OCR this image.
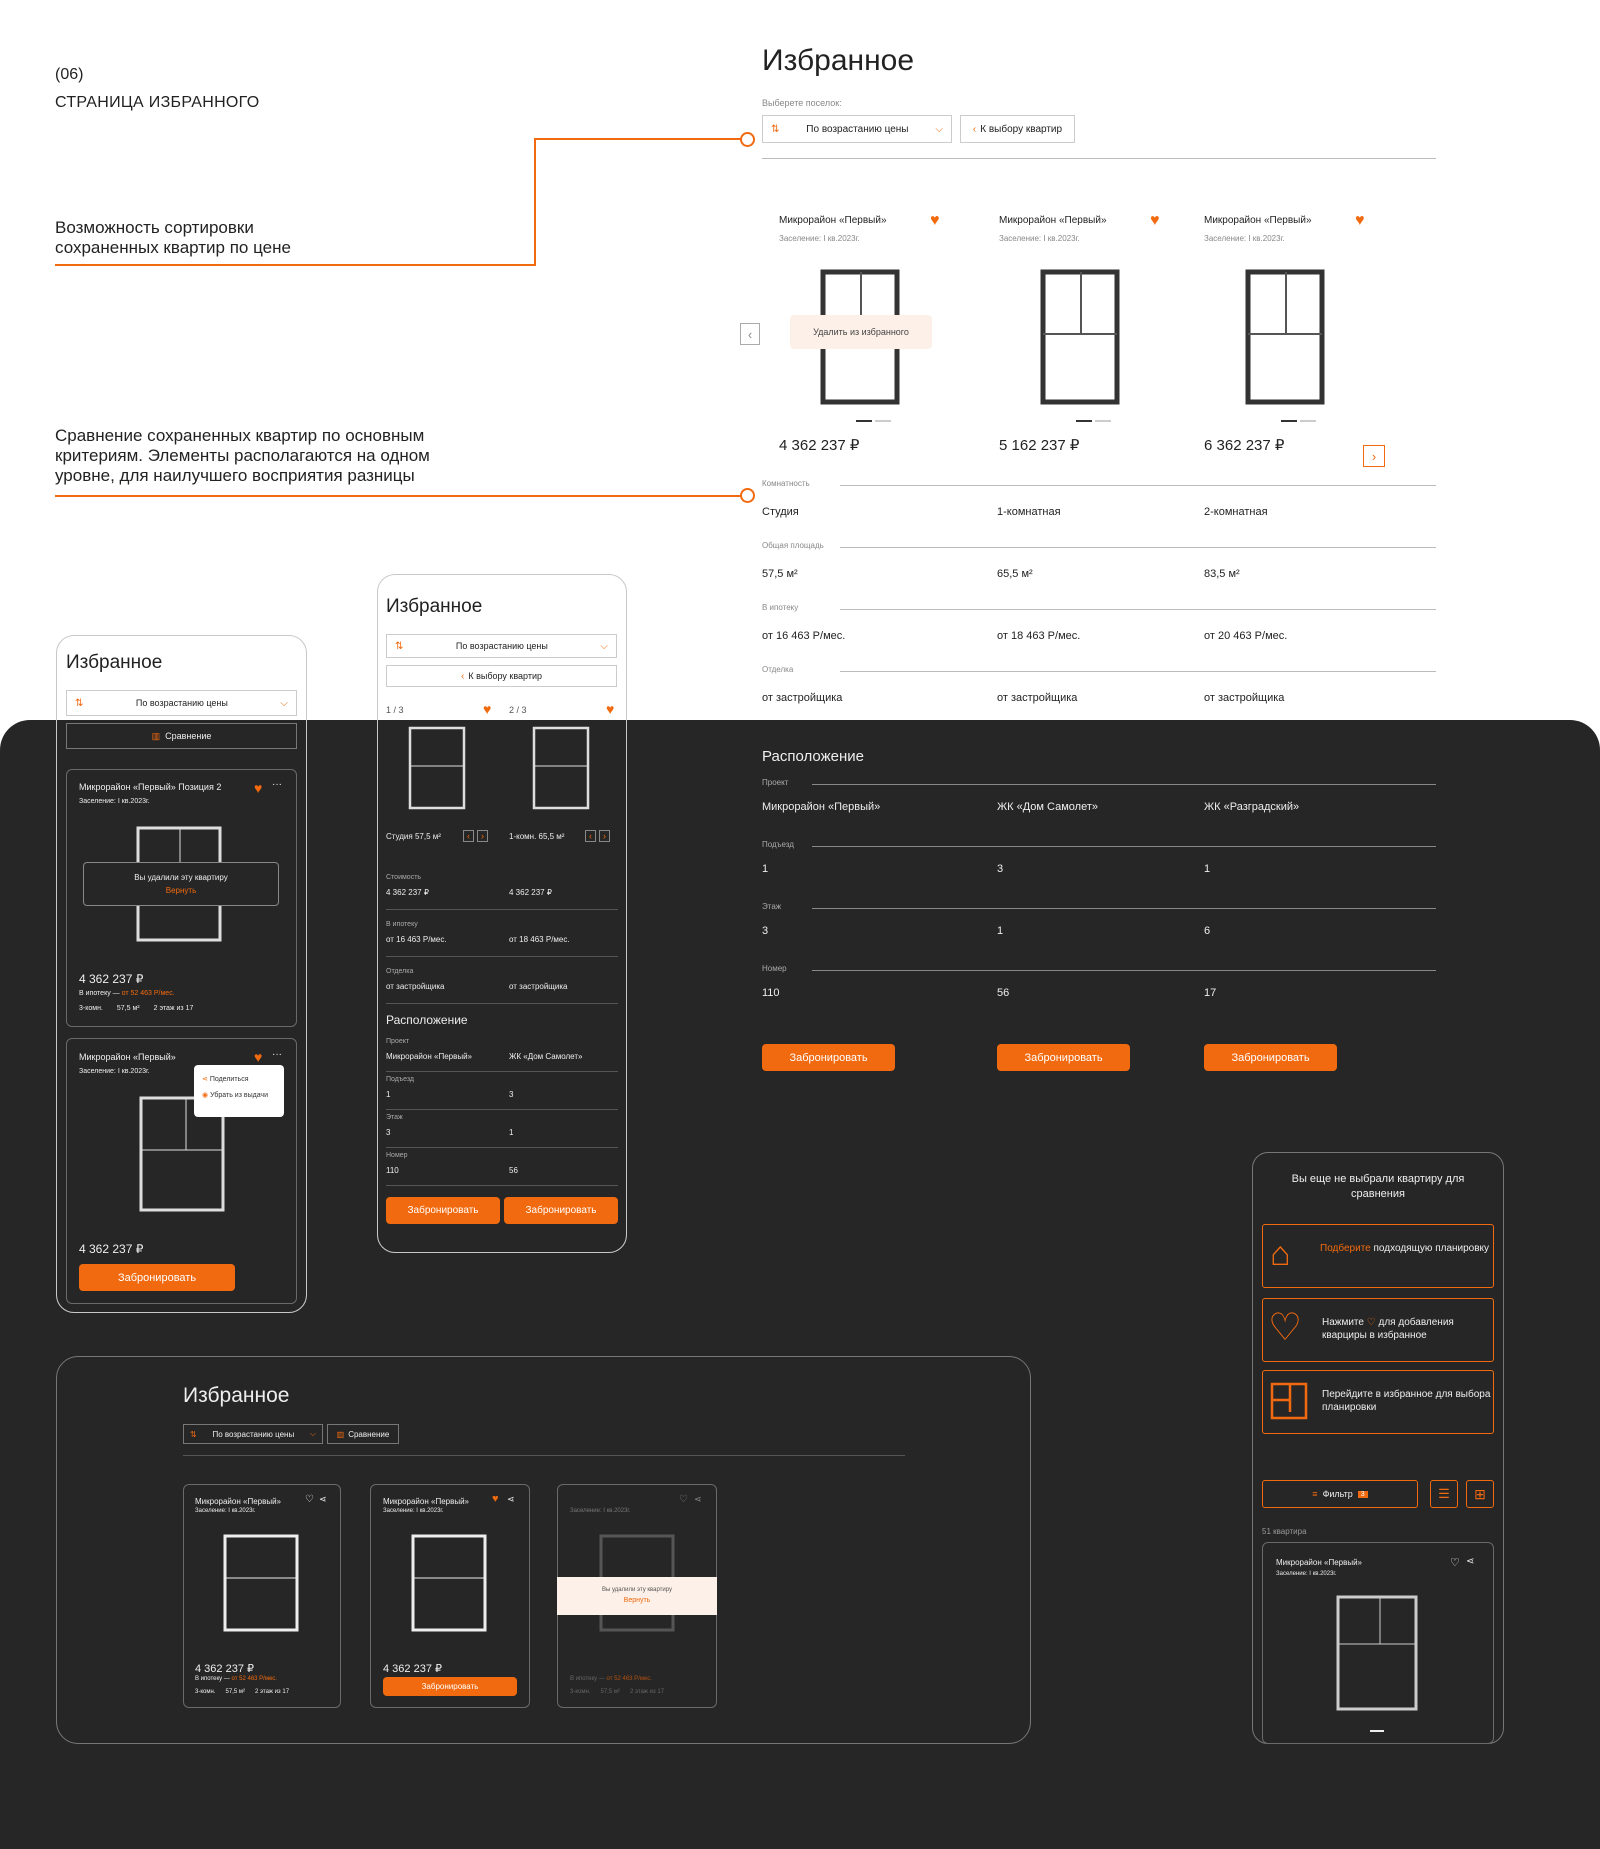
(06)
СТРАНИЦА ИЗБРАННОГО
Возможность сортировки сохраненных квартир по цене
Сравнение сохраненных квартир по основным критериям. Элементы располагаются на одном уровне, для наилучшего восприятия разницы
Избранное
Выберете поселок:
⇅	По возрастанию цены	⌵	‹ К выбору квартир
Микрорайон «Первый»
Заселение: I кв.2023г.
♥
4 362 237 ₽
Микрорайон «Первый»
Заселение: I кв.2023г.
♥
5 162 237 ₽
Микрорайон «Первый»
Заселение: I кв.2023г.
♥
6 362 237 ₽
‹
›
Удалить из избранного
Комнатность
Студия	1-комнатная	2-комнатная
Общая площадь
57,5 м²	65,5 м²	83,5 м²
В ипотеку
от 16 463 Р/мес.	от 18 463 Р/мес.	от 20 463 Р/мес.
Отделка
от застройщика	от застройщика	от застройщика
Расположение
Проект
Микрорайон «Первый»	ЖК «Дом Самолет»	ЖК «Разградский»
Подъезд
1	3	1
Этаж
3	1	6
Номер
110	56	17
Забронировать	Забронировать	Забронировать
Избранное
⇅	По возрастанию цены	⌵
▥ Сравнение
Микрорайон «Первый» Позиция 2
Заселение: I кв.2023г.
♥ ···
Вы удалили эту квартиру
Вернуть
4 362 237 ₽
В ипотеку — от 52 463 Р/мес.
3-комн. 57,5 м² 2 этаж из 17
Микрорайон «Первый»
Заселение: I кв.2023г.
♥ ···
⋖ Поделиться
◉ Убрать из выдачи
4 362 237 ₽
Забронировать
Избранное
⇅	По возрастанию цены	⌵
‹ К выбору квартир
1 / 3	♥ 2 / 3	♥
Студия 57,5 м²	‹	›	1-комн. 65,5 м²	‹	›
Стоимость
4 362 237 ₽	4 362 237 ₽
В ипотеку
от 16 463 Р/мес.	от 18 463 Р/мес.
Отделка
от застройщика	от застройщика
Расположение
Проект
Микрорайон «Первый»	ЖК «Дом Самолет»
Подъезд
1	3
Этаж
3	1
Номер
110	56
Забронировать	Забронировать
Избранное
⇅ По возрастанию цены ⌵	▥ Сравнение
Микрорайон «Первый»
Заселение: I кв.2023г.
♡ ⋖
4 362 237 ₽
В ипотеку — от 52 463 Р/мес.
3-комн. 57,5 м² 2 этаж из 17
Микрорайон «Первый»
Заселение: I кв.2023г.
♥ ⋖
4 362 237 ₽
Забронировать
Заселение: I кв.2023г.
♡ ⋖
Вы удалили эту квартиру
Вернуть
В ипотеку — от 52 463 Р/мес.
3-комн. 57,5 м² 2 этаж из 17
Вы еще не выбрали квартиру для сравнения
⌂	Подберите подходящую планировку
♡ Нажмите ♡ для добавления кварциры в избранное
Перейдите в избранное для выбора планировки
≡ Фильтр	3	☰	⊞
51 квартира
Микрорайон «Первый»
Заселение: I кв.2023г.
♡ ⋖
